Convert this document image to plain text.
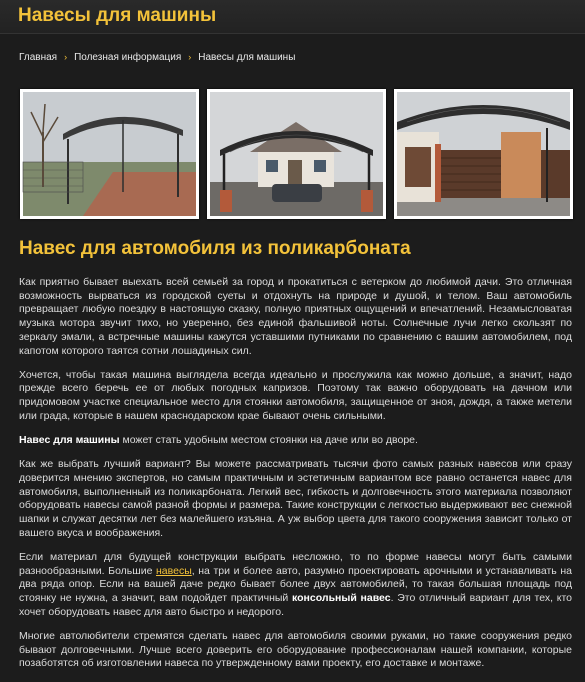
Навесы для машины
Главная › Полезная информация › Навесы для машины
Навес для автомобиля из поликарбоната

Как приятно бывает выехать всей семьей за город и прокатиться с ветерком до любимой дачи. Это отличная возможность вырваться из городской суеты и отдохнуть на природе и душой, и телом. Ваш автомобиль превращает любую поездку в настоящую сказку, полную приятных ощущений и впечатлений. Незамысловатая музыка мотора звучит тихо, но уверенно, без единой фальшивой ноты. Солнечные лучи легко скользят по зеркалу эмали, а встречные машины кажутся уставшими путниками по сравнению с вашим автомобилем, под капотом которого таятся сотни лошадиных сил.

Хочется, чтобы такая машина выглядела всегда идеально и прослужила как можно дольше, а значит, надо прежде всего беречь ее от любых погодных капризов. Поэтому так важно оборудовать на дачном или придомовом участке специальное место для стоянки автомобиля, защищенное от зноя, дождя, а также метели или града, которые в нашем краснодарском крае бывают очень сильными.

Навес для машины может стать удобным местом стоянки на даче или во дворе.

Как же выбрать лучший вариант? Вы можете рассматривать тысячи фото самых разных навесов или сразу доверится мнению экспертов, но самым практичным и эстетичным вариантом все равно останется навес для автомобиля, выполненный из поликарбоната. Легкий вес, гибкость и долговечность этого материала позволяют оборудовать навесы самой разной формы и размера. Такие конструкции с легкостью выдерживают вес снежной шапки и служат десятки лет без малейшего изъяна. А уж выбор цвета для такого сооружения зависит только от вашего вкуса и воображения.

Если материал для будущей конструкции выбрать несложно, то по форме навесы могут быть самыми разнообразными. Большие навесы, на три и более авто, разумно проектировать арочными и устанавливать на два ряда опор. Если на вашей даче редко бывает более двух автомобилей, то такая большая площадь под стоянку не нужна, а значит, вам подойдет практичный консольный навес. Это отличный вариант для тех, кто хочет оборудовать навес для авто быстро и недорого.

Многие автолюбители стремятся сделать навес для автомобиля своими руками, но такие сооружения редко бывают долговечными. Лучше всего доверить его оборудование профессионалам нашей компании, которые позаботятся об изготовлении навеса по утвержденному вами проекту, его доставке и монтаже.
